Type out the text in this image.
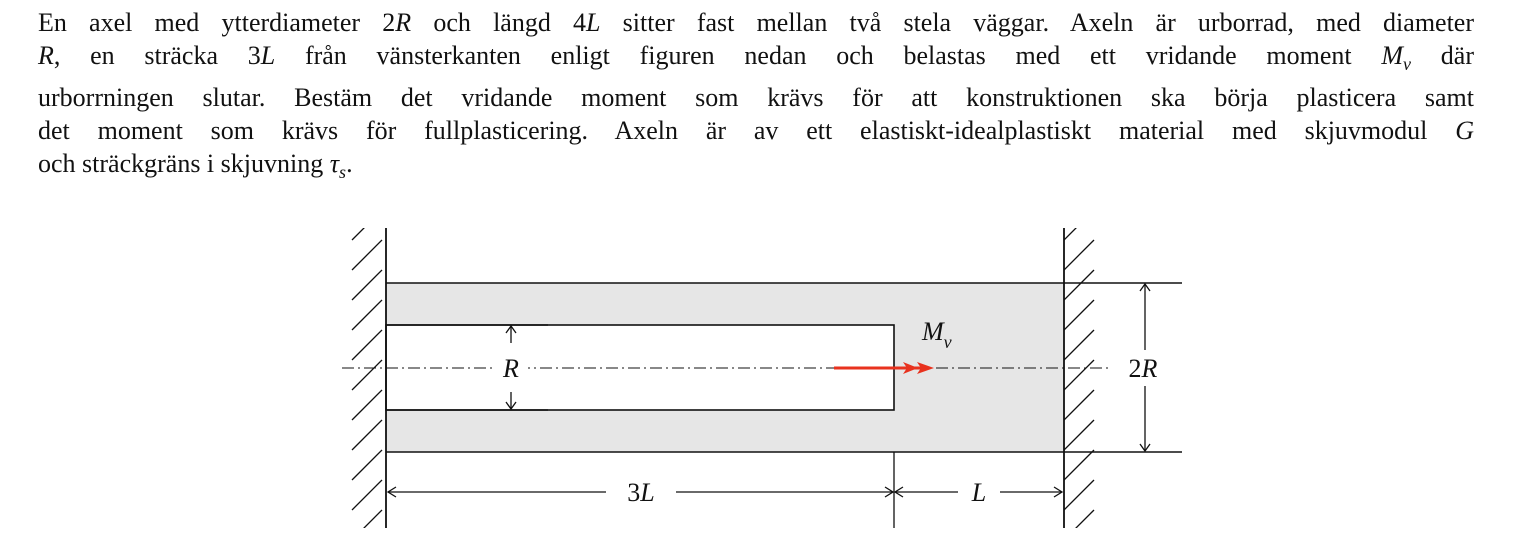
En axel med ytterdiameter 2R och längd 4L sitter fast mellan två stela väggar. Axeln är urborrad, med diameter
R, en sträcka 3L från vänsterkanten enligt figuren nedan och belastas med ett vridande moment $M_v$ där
urborrningen slutar. Bestäm det vridande moment som krävs för att konstruktionen ska börja plasticera samt
det moment som krävs för fullplasticering. Axeln är av ett elastiskt-idealplastiskt material med skjuvmodul G
och sträckgräns i skjuvning $\tau_s$.
R	2R
$M_v$
3L	L
